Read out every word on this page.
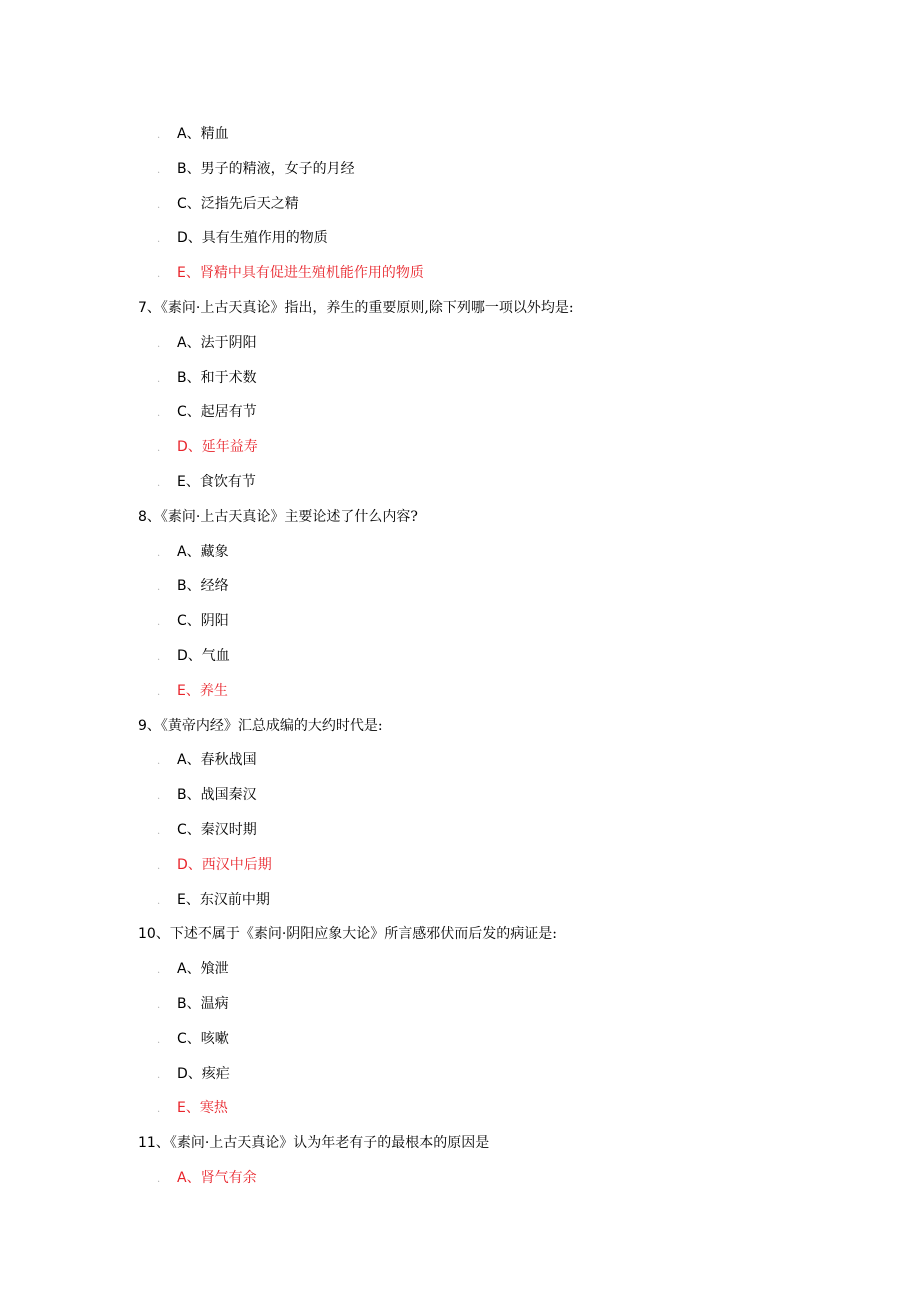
. A、精血
. B、男子的精液，女子的月经
. C、泛指先后天之精
. D、具有生殖作用的物质
. E、肾精中具有促进生殖机能作用的物质
7、《素问·上古天真论》指出，养生的重要原则,除下列哪一项以外均是:
. A、法于阴阳
. B、和于术数
. C、起居有节
. D、延年益寿
. E、食饮有节
8、《素问·上古天真论》主要论述了什么内容?
. A、藏象
. B、经络
. C、阴阳
. D、气血
. E、养生
9、《黄帝内经》汇总成编的大约时代是:
. A、春秋战国
. B、战国秦汉
. C、秦汉时期
. D、西汉中后期
. E、东汉前中期
10、下述不属于《素问·阴阳应象大论》所言感邪伏而后发的病证是:
. A、飧泄
. B、温病
. C、咳嗽
. D、痎疟
. E、寒热
11、《素问·上古天真论》认为年老有子的最根本的原因是
. A、肾气有余
